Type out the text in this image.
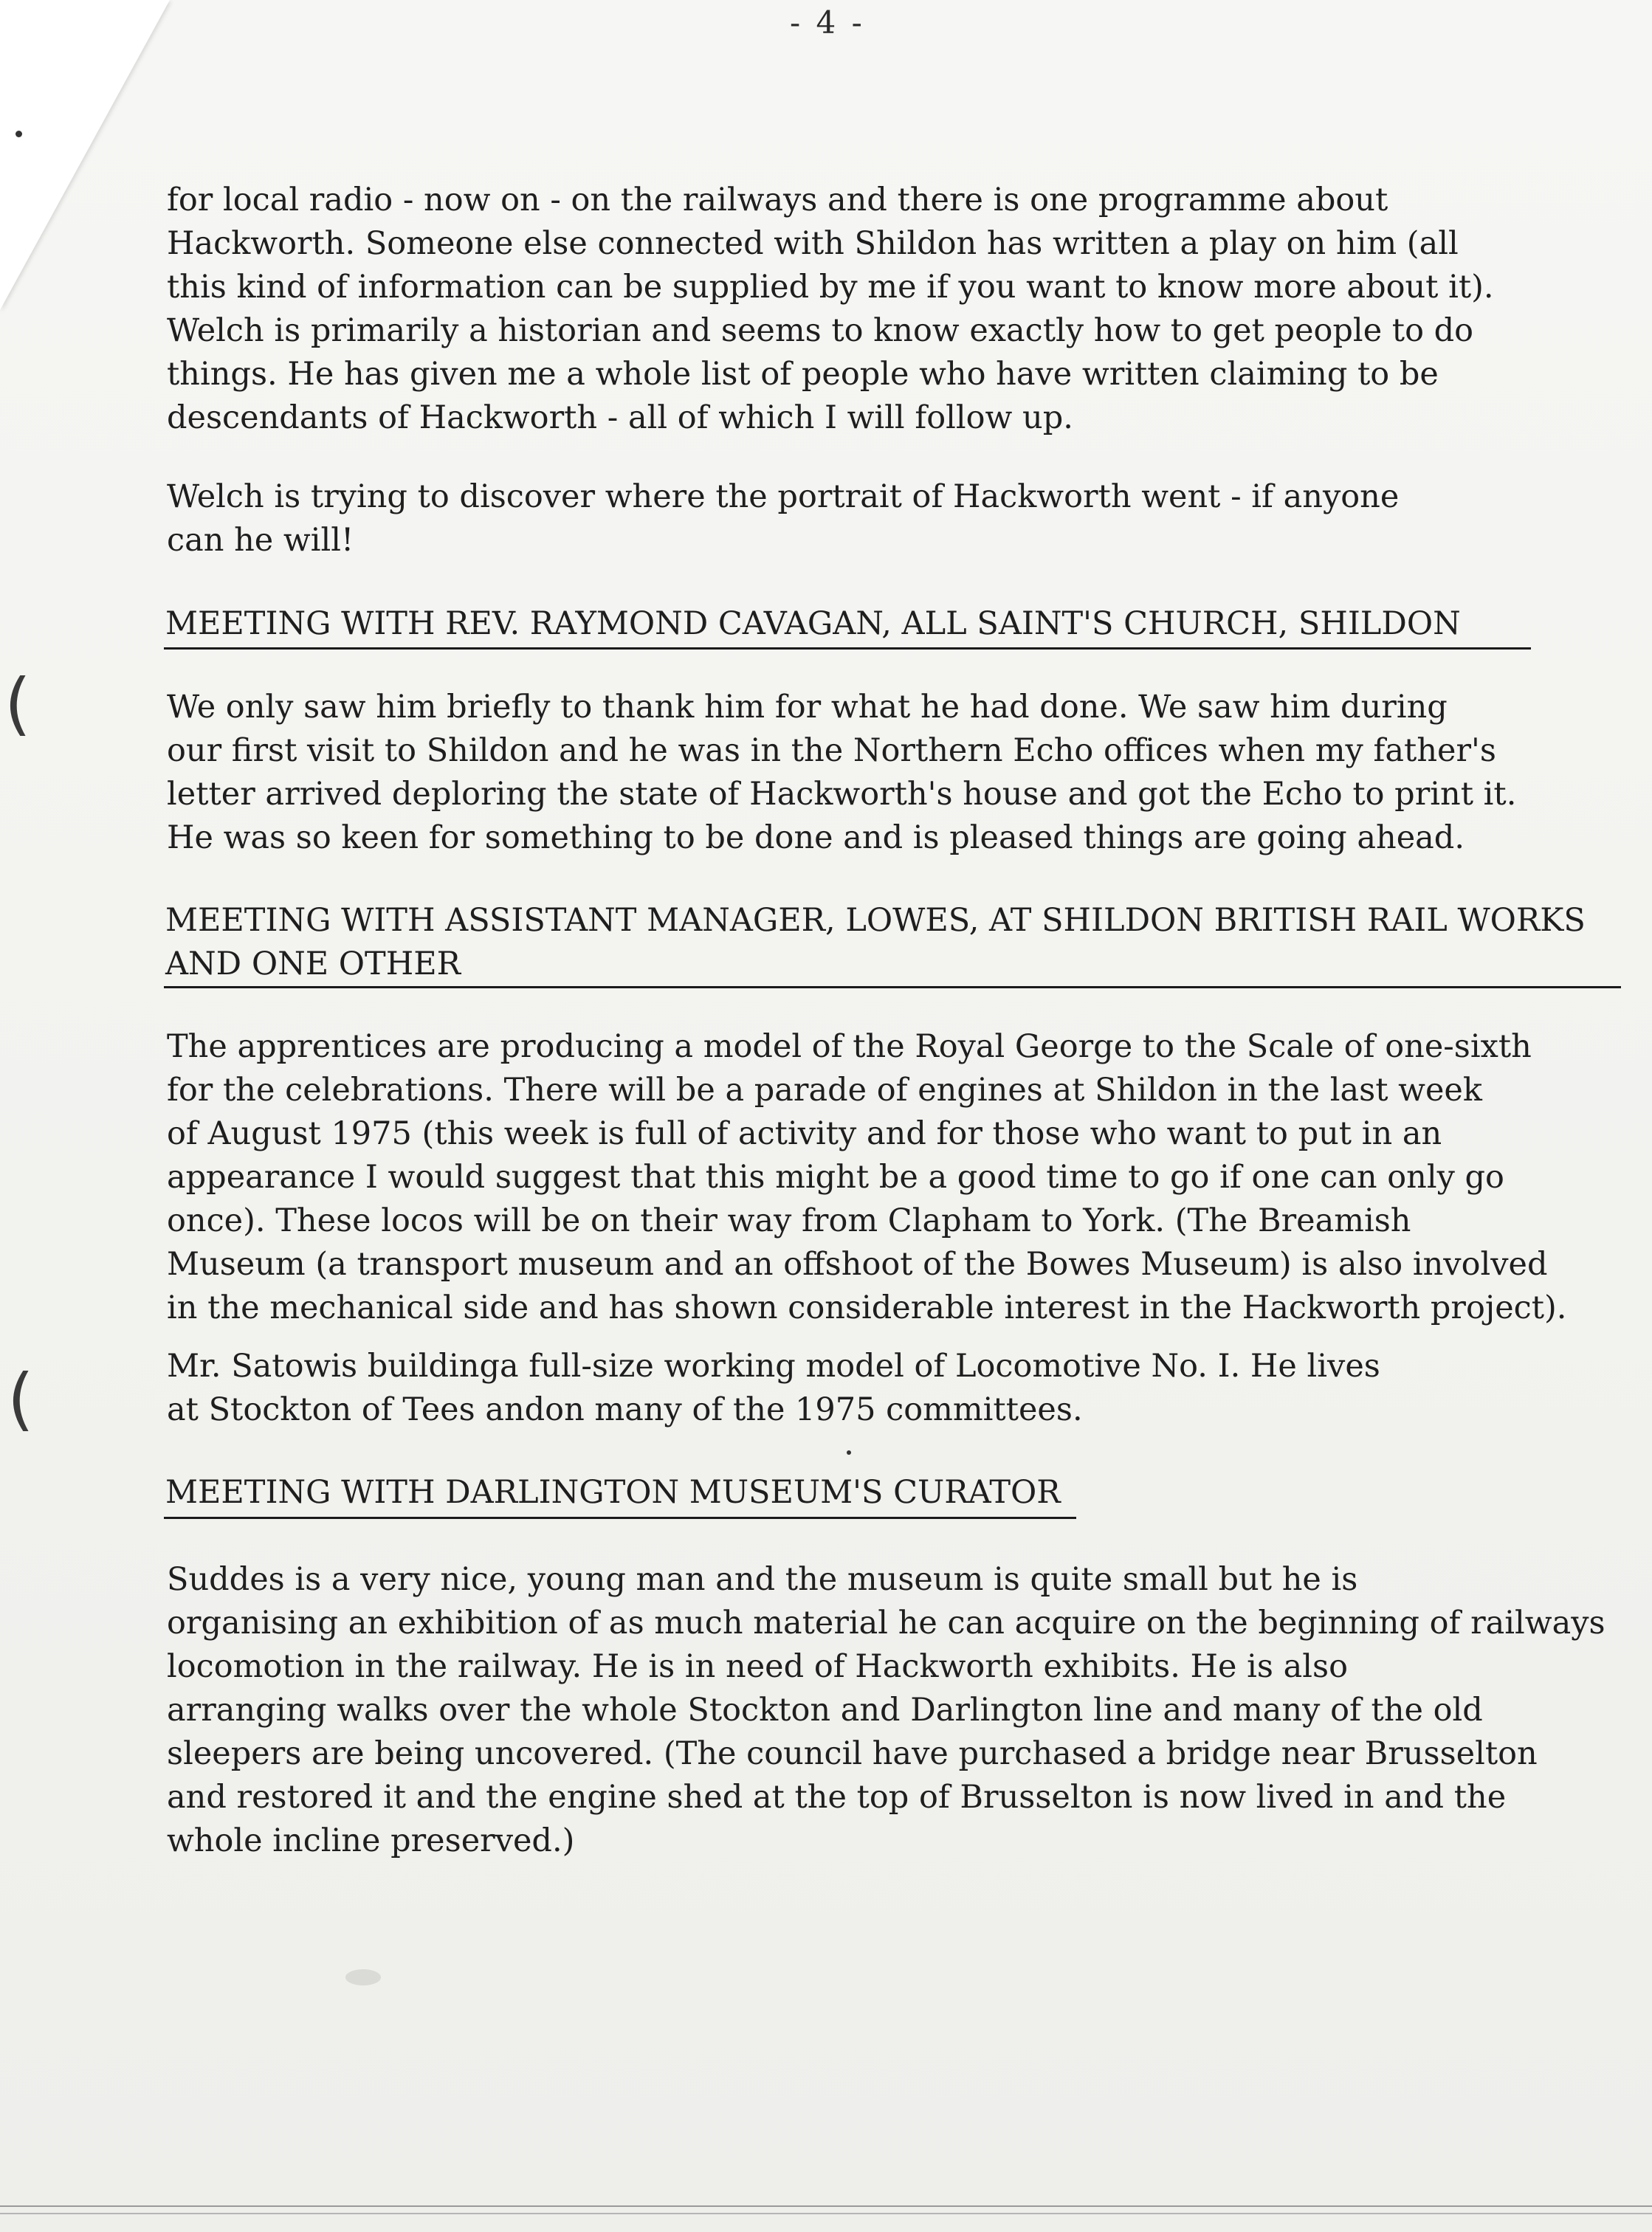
- 4 -

for local radio - now on - on the railways and there is one programme about
Hackworth. Someone else connected with Shildon has written a play on him (all
this kind of information can be supplied by me if you want to know more about it).
Welch is primarily a historian and seems to know exactly how to get people to do
things. He has given me a whole list of people who have written claiming to be
descendants of Hackworth - all of which I will follow up.

Welch is trying to discover where the portrait of Hackworth went - if anyone
can he will!

MEETING WITH REV. RAYMOND CAVAGAN, ALL SAINT'S CHURCH, SHILDON
(	We only saw him briefly to thank him for what he had done. We saw him during
our first visit to Shildon and he was in the Northern Echo offices when my father's
letter arrived deploring the state of Hackworth's house and got the Echo to print it.
He was so keen for something to be done and is pleased things are going ahead.

MEETING WITH ASSISTANT MANAGER, LOWES, AT SHILDON BRITISH RAIL WORKS
AND ONE OTHER

The apprentices are producing a model of the Royal George to the Scale of one-sixth
for the celebrations. There will be a parade of engines at Shildon in the last week
of August 1975 (this week is full of activity and for those who want to put in an
appearance I would suggest that this might be a good time to go if one can only go
once). These locos will be on their way from Clapham to York. (The Breamish
Museum (a transport museum and an offshoot of the Bowes Museum) is also involved
in the mechanical side and has shown considerable interest in the Hackworth project).

(	Mr. Satowis buildinga full-size working model of Locomotive No. I. He lives
at Stockton of Tees andon many of the 1975 committees.

MEETING WITH DARLINGTON MUSEUM'S CURATOR

Suddes is a very nice, young man and the museum is quite small but he is
organising an exhibition of as much material he can acquire on the beginning of railways
locomotion in the railway. He is in need of Hackworth exhibits. He is also
arranging walks over the whole Stockton and Darlington line and many of the old
sleepers are being uncovered. (The council have purchased a bridge near Brusselton
and restored it and the engine shed at the top of Brusselton is now lived in and the
whole incline preserved.)
